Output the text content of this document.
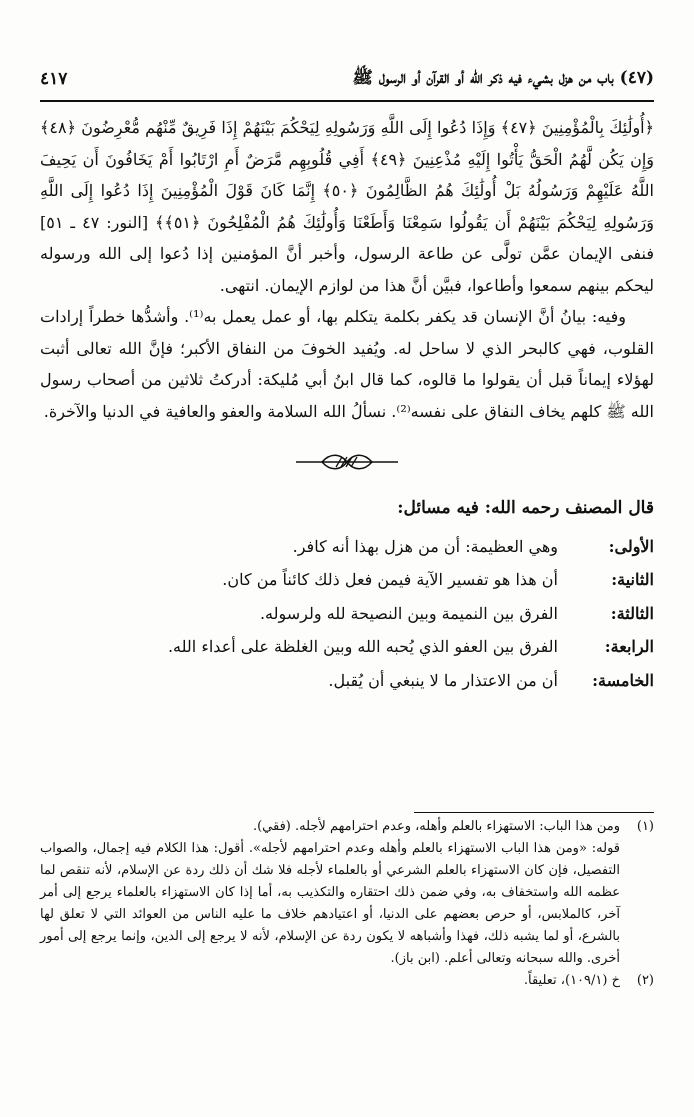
(٤٧) باب من هزل بشيء فيه ذكر الله أو القرآن أو الرسول ﷺ
٤١٧

﴿أُولَٰئِكَ بِالْمُؤْمِنِينَ ﴿٤٧﴾ وَإِذَا دُعُوا إِلَى اللَّهِ وَرَسُولِهِ لِيَحْكُمَ بَيْنَهُمْ إِذَا فَرِيقٌ مِّنْهُم مُّعْرِضُونَ ﴿٤٨﴾ وَإِن يَكُن لَّهُمُ الْحَقُّ يَأْتُوا إِلَيْهِ مُذْعِنِينَ ﴿٤٩﴾ أَفِي قُلُوبِهِم مَّرَضٌ أَمِ ارْتَابُوا أَمْ يَخَافُونَ أَن يَحِيفَ اللَّهُ عَلَيْهِمْ وَرَسُولُهُ بَلْ أُولَٰئِكَ هُمُ الظَّالِمُونَ ﴿٥٠﴾ إِنَّمَا كَانَ قَوْلَ الْمُؤْمِنِينَ إِذَا دُعُوا إِلَى اللَّهِ وَرَسُولِهِ لِيَحْكُمَ بَيْنَهُمْ أَن يَقُولُوا سَمِعْنَا وَأَطَعْنَا وَأُولَٰئِكَ هُمُ الْمُفْلِحُونَ ﴿٥١﴾﴾ [النور: ٤٧ ـ ٥١] فنفى الإيمان عمَّن تولَّى عن طاعة الرسول، وأخبر أنَّ المؤمنين إذا دُعوا إلى الله ورسوله ليحكم بينهم سمعوا وأطاعوا، فبيَّن أنَّ هذا من لوازم الإيمان. انتهى.

وفيه: بيانُ أنَّ الإنسان قد يكفر بكلمة يتكلم بها، أو عمل يعمل به⁽¹⁾. وأشدُّها خطراً إرادات القلوب، فهي كالبحر الذي لا ساحل له. ويُفيد الخوفَ من النفاق الأكبر؛ فإنَّ الله تعالى أثبت لهؤلاء إيماناً قبل أن يقولوا ما قالوه، كما قال ابنُ أبي مُليكة: أدركتُ ثلاثين من أصحاب رسول الله ﷺ كلهم يخاف النفاق على نفسه⁽²⁾. نسألُ الله السلامة والعفو والعافية في الدنيا والآخرة.

قال المصنف رحمه الله: فيه مسائل:
الأولى:
وهي العظيمة: أن من هزل بهذا أنه كافر.
الثانية:
أن هذا هو تفسير الآية فيمن فعل ذلك كائناً من كان.
الثالثة:
الفرق بين النميمة وبين النصيحة لله ولرسوله.
الرابعة:
الفرق بين العفو الذي يُحبه الله وبين الغلظة على أعداء الله.
الخامسة:
أن من الاعتذار ما لا ينبغي أن يُقبل.
(١)

ومن هذا الباب: الاستهزاء بالعلم وأهله، وعدم احترامهم لأجله. (فقي).

قوله: «ومن هذا الباب الاستهزاء بالعلم وأهله وعدم احترامهم لأجله». أقول: هذا الكلام فيه إجمال، والصواب التفصيل، فإن كان الاستهزاء بالعلم الشرعي أو بالعلماء لأجله فلا شك أن ذلك ردة عن الإسلام، لأنه تنقص لما عظمه الله واستخفاف به، وفي ضمن ذلك احتقاره والتكذيب به، أما إذا كان الاستهزاء بالعلماء يرجع إلى أمر آخر، كالملابس، أو حرص بعضهم على الدنيا، أو اعتيادهم خلاف ما عليه الناس من العوائد التي لا تعلق لها بالشرع، أو لما يشبه ذلك، فهذا وأشباهه لا يكون ردة عن الإسلام، لأنه لا يرجع إلى الدين، وإنما يرجع إلى أمور أخرى. والله سبحانه وتعالى أعلم. (ابن باز).

(٢)

خ (١٠٩/١)، تعليقاً.
